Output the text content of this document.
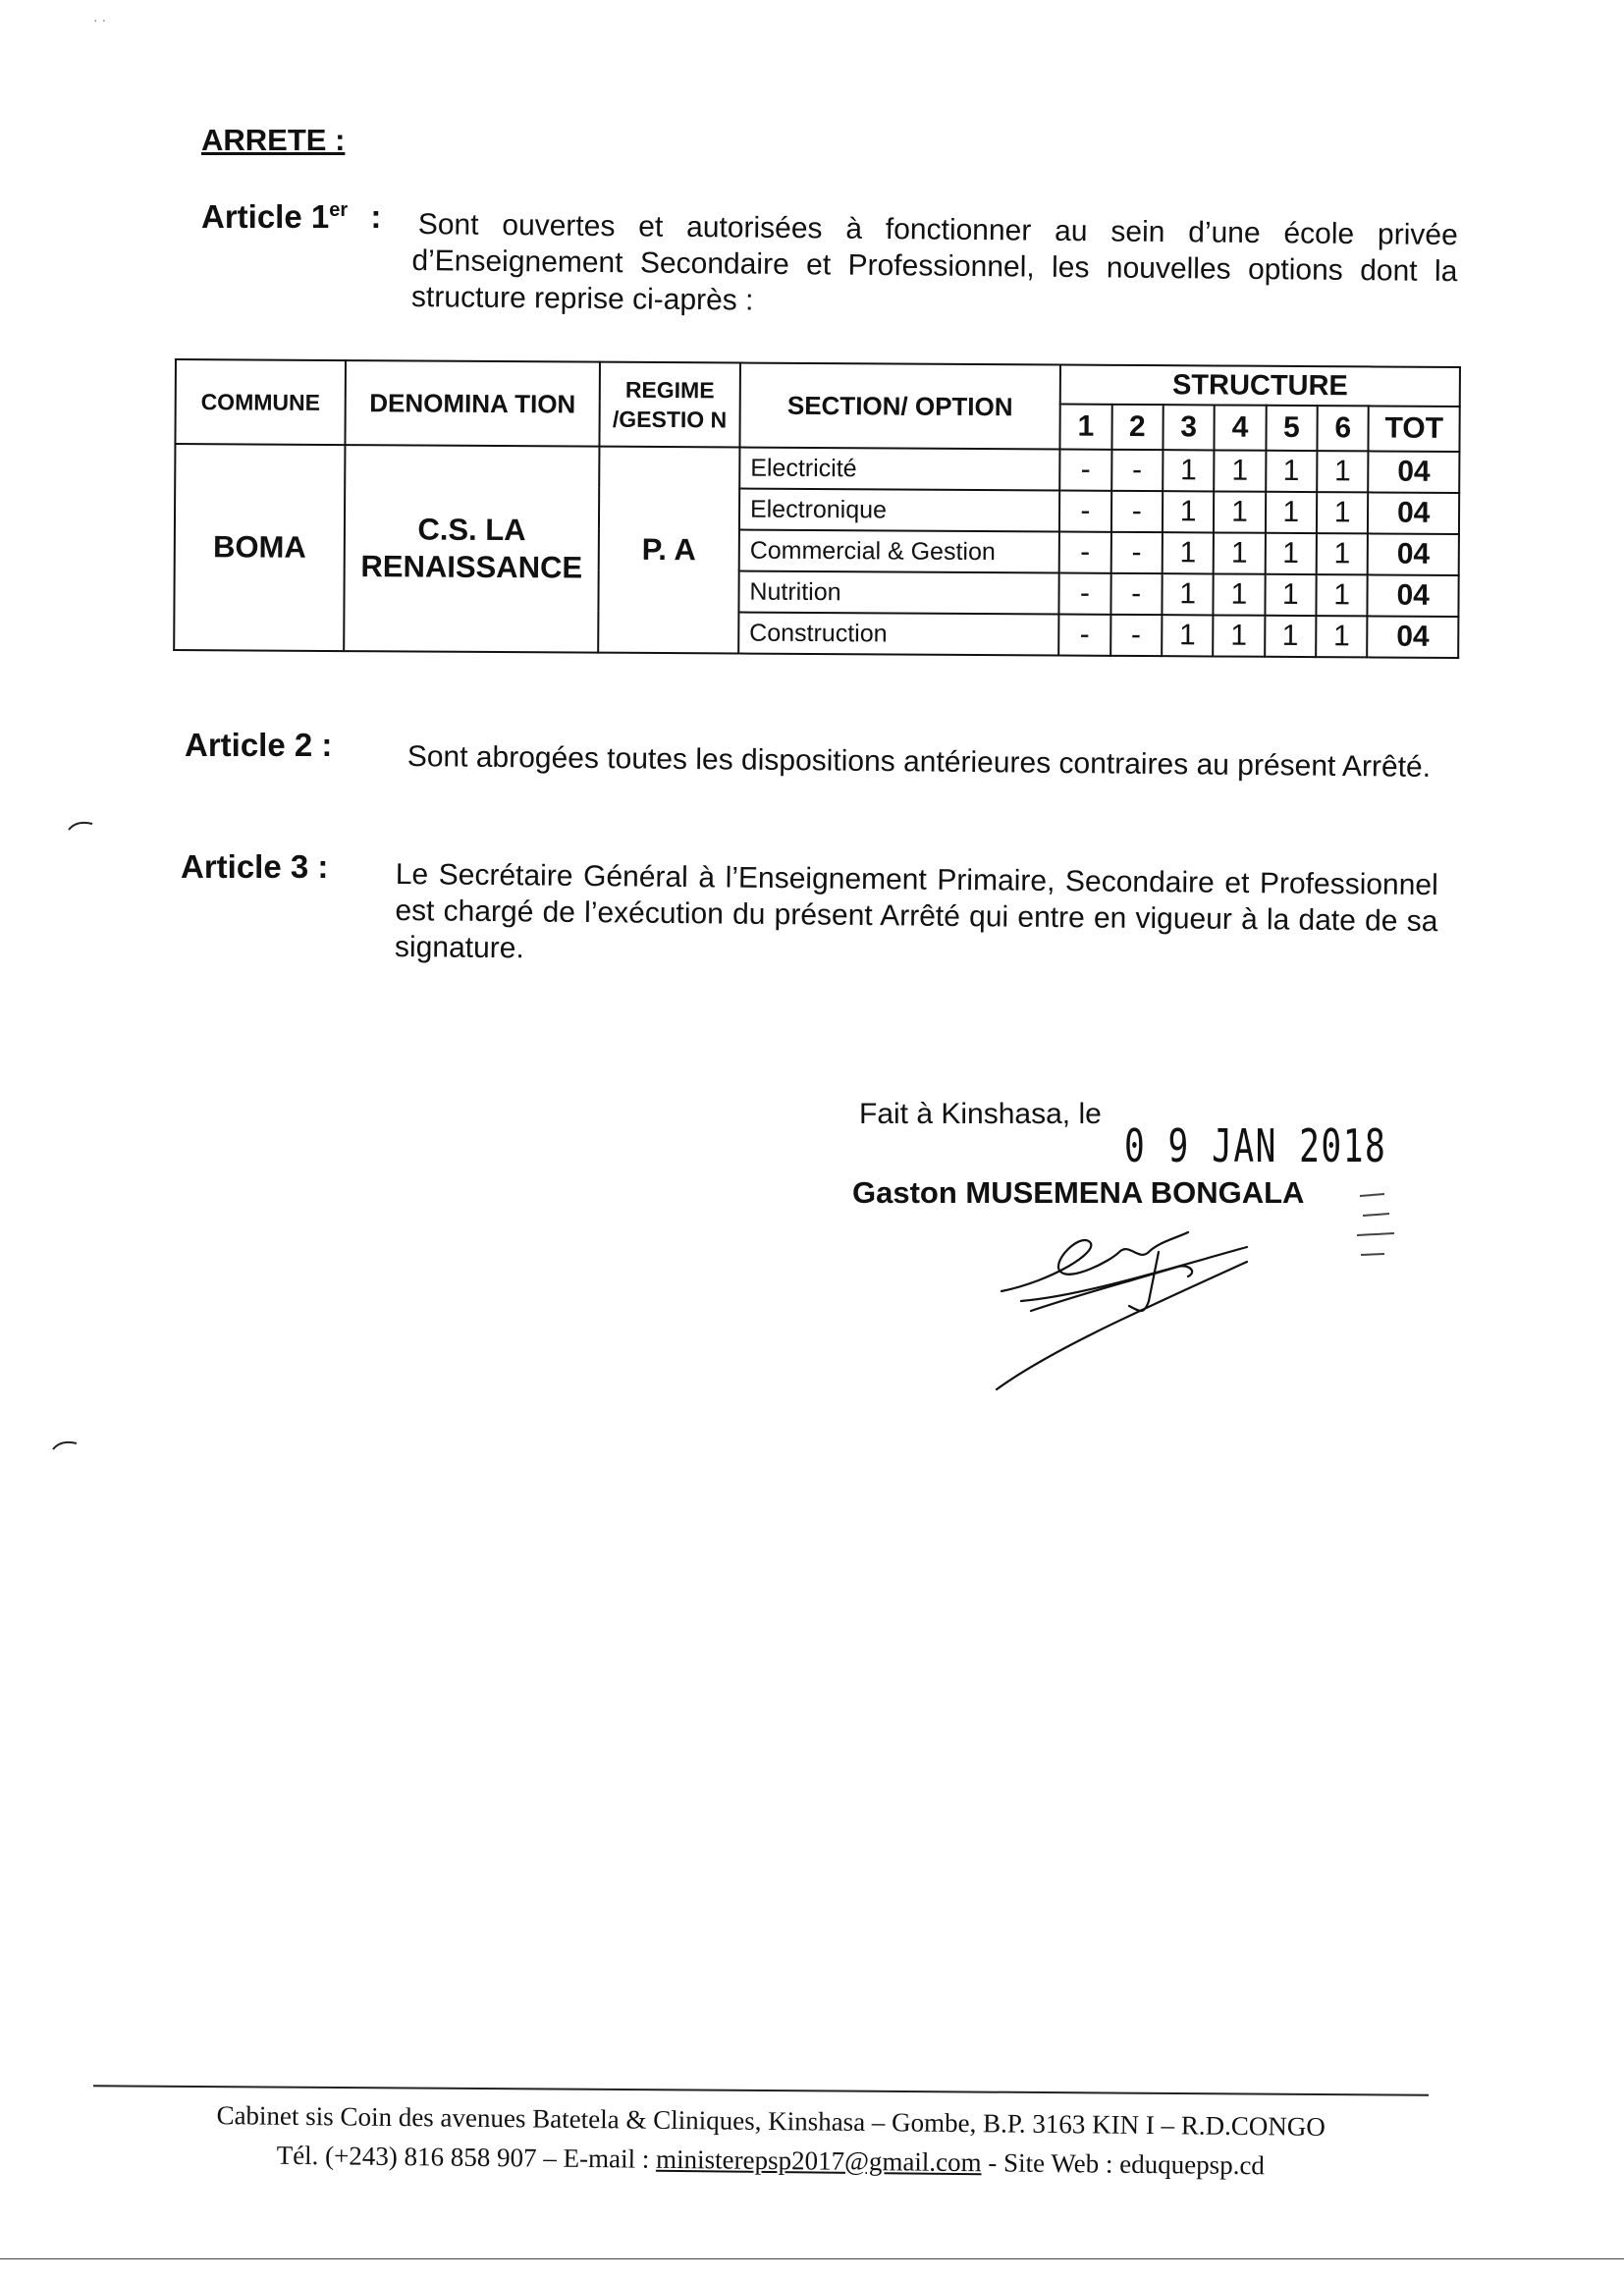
· ·
ARRETE :
Article 1er : Sont ouvertes et autorisées à fonctionner au sein d’une école privée d’Enseignement Secondaire et Professionnel, les nouvelles options dont la structure reprise ci-après :
COMMUNE	DENOMINA TION	REGIME /GESTIO N	SECTION/ OPTION	STRUCTURE						
				1	2	3	4	5	6	TOT
BOMA	C.S. LA RENAISSANCE	P. A	Electricité	-	-	1	1	1	1	04
			Electronique	-	-	1	1	1	1	04
			Commercial & Gestion	-	-	1	1	1	1	04
			Nutrition	-	-	1	1	1	1	04
			Construction	-	-	1	1	1	1	04
Article 2 :	Sont abrogées toutes les dispositions antérieures contraires au présent Arrêté.
Article 3 : Le Secrétaire Général à l’Enseignement Primaire, Secondaire et Professionnel est chargé de l’exécution du présent Arrêté qui entre en vigueur à la date de sa signature.
Fait à Kinshasa, le
0 9 JAN 2018
Gaston MUSEMENA BONGALA
Cabinet sis Coin des avenues Batetela & Cliniques, Kinshasa – Gombe, B.P. 3163 KIN I – R.D.CONGO
Tél. (+243) 816 858 907 – E-mail : ministerepsp2017@gmail.com - Site Web : eduquepsp.cd
